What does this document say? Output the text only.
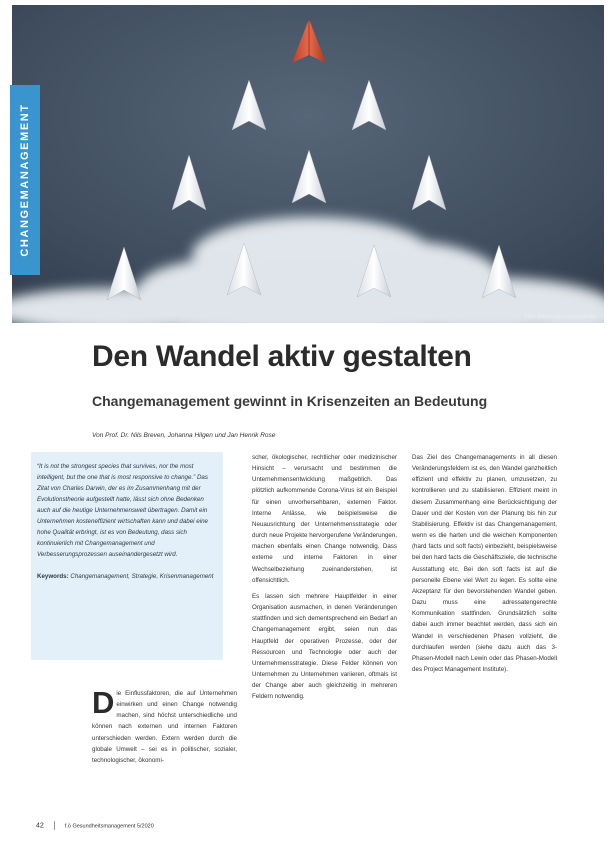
CHANGEMANAGEMENT
Foto: gettyimages/ Ika Kurilenko
Den Wandel aktiv gestalten
Changemanagement gewinnt in Krisenzeiten an Bedeutung
Von Prof. Dr. Nils Breven, Johanna Hilgen und Jan Henrik Rose

“It is not the strongest species that survives, nor the most intelligent, but the one that is most responsive to change.” Das Zitat von Charles Darwin, der es im Zusammenhang mit der Evolutionstheorie aufgestellt hatte, lässt sich ohne Bedenken auch auf die heutige Unternehmenswelt übertragen. Damit ein Unternehmen kosteneffizient wirtschaften kann und dabei eine hohe Qualität erbringt, ist es von Bedeutung, dass sich kontinuierlich mit Changemanagement und Verbesserungsprozessen auseinandergesetzt wird.

Keywords: Changemanagement, Strategie, Krisenmanagement

Die Einflussfaktoren, die auf Unternehmen einwirken und einen Change notwendig machen, sind höchst unterschiedliche und können nach externen und internen Faktoren unterschieden werden. Extern werden durch die globale Umwelt – sei es in politischer, sozialer, technologischer, ökonomi-

scher, ökologischer, rechtlicher oder medizinischer Hinsicht – verursacht und bestimmen die Unternehmensentwicklung maßgeblich. Das plötzlich aufkommende Corona-Virus ist ein Beispiel für einen unvorhersehbaren, externen Faktor. Interne Anlässe, wie beispielsweise die Neuausrichtung der Unternehmensstrategie oder durch neue Projekte hervorgerufene Veränderungen, machen ebenfalls einen Change notwendig. Dass externe und interne Faktoren in einer Wechselbeziehung zueinanderstehen, ist offensichtlich.

Es lassen sich mehrere Hauptfelder in einer Organisation ausmachen, in denen Veränderungen stattfinden und sich dementsprechend ein Bedarf an Changemanagement ergibt, seien nun das Hauptfeld der operativen Prozesse, oder der Ressourcen und Technologie oder auch der Unternehmensstrategie. Diese Felder können von Unternehmen zu Unternehmen variieren, oftmals ist der Change aber auch gleichzeitig in mehreren Feldern notwendig.

Das Ziel des Changemanagements in all diesen Veränderungsfeldern ist es, den Wandel ganzheitlich effizient und effektiv zu planen, umzusetzen, zu kontrollieren und zu stabilisieren. Effizient meint in diesem Zusammenhang eine Berücksichtigung der Dauer und der Kosten von der Planung bis hin zur Stabilisierung. Effektiv ist das Changemanagement, wenn es die harten und die weichen Komponenten (hard facts und soft facts) einbezieht, beispielsweise bei den hard facts die Geschäftsziele, die technische Ausstattung etc. Bei den soft facts ist auf die personelle Ebene viel Wert zu legen. Es sollte eine Akzeptanz für den bevorstehenden Wandel geben. Dazu muss eine adressatengerechte Kommunikation stattfinden. Grundsätzlich sollte dabei auch immer beachtet werden, dass sich ein Wandel in verschiedenen Phasen vollzieht, die durchlaufen werden (siehe dazu auch das 3-Phasen-Modell nach Lewin oder das Phasen-Modell des Project Management Institute).

42	f.ö Gesundheitsmanagement 5/2020
